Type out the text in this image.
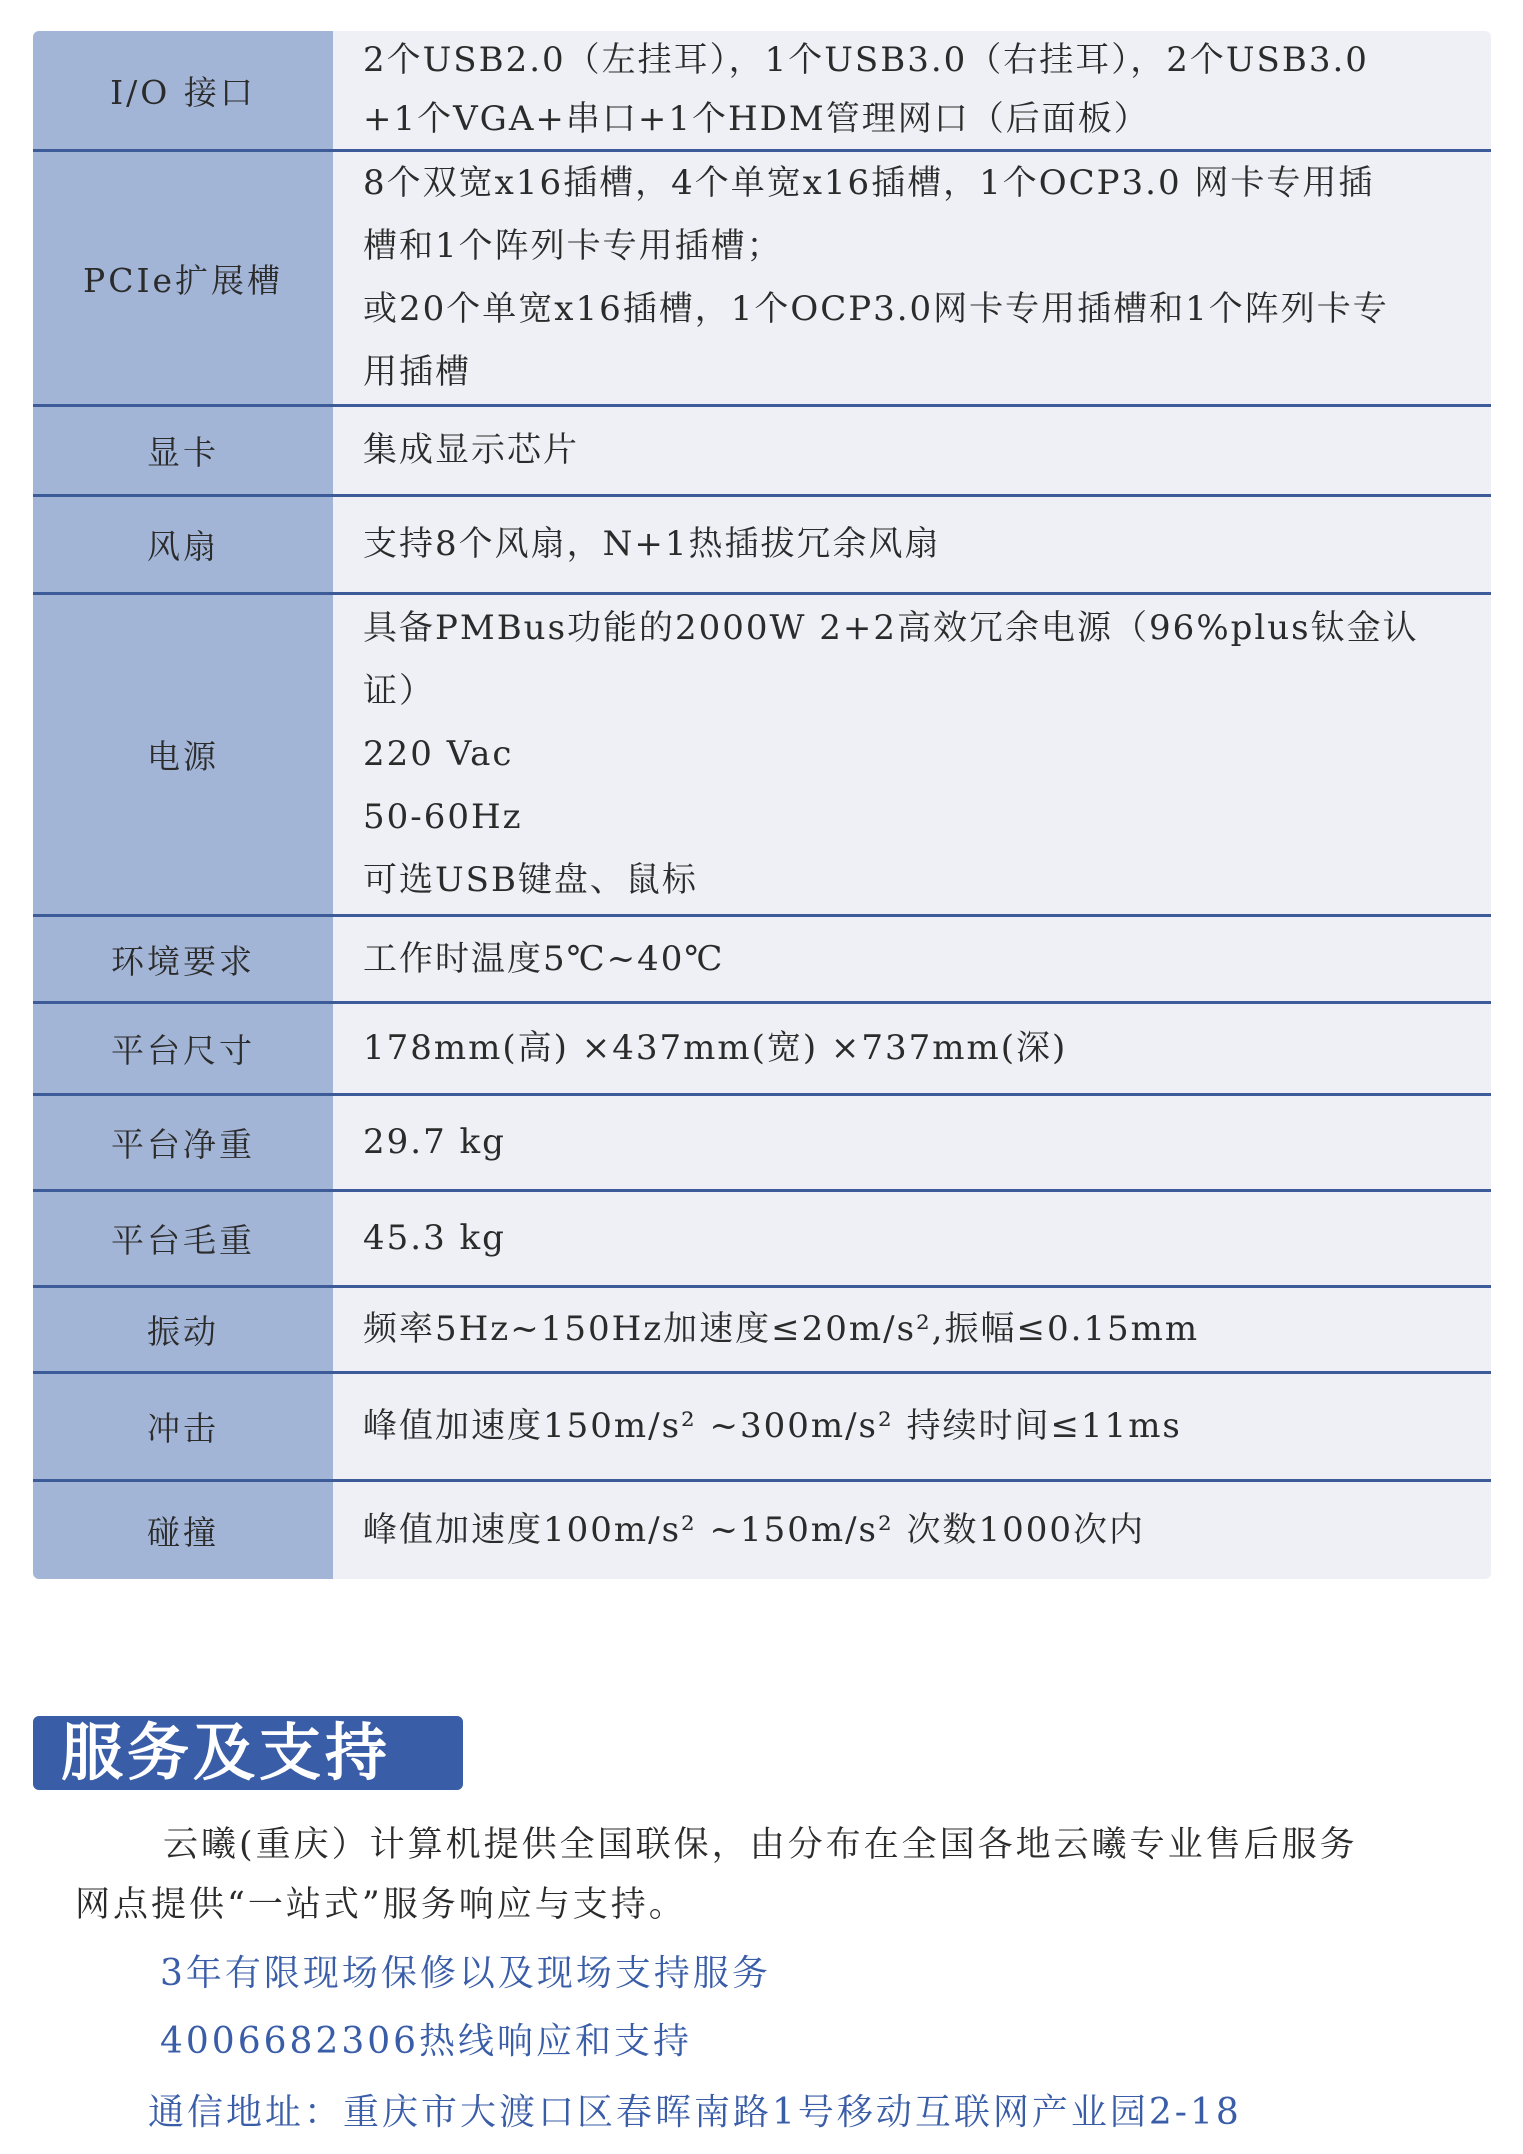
I/O 接口	2个USB2.0（左挂耳），1个USB3.0（右挂耳），2个USB3.0
+1个VGA+串口+1个HDM管理网口（后面板）

PCIe扩展槽	8个双宽x16插槽，4个单宽x16插槽，1个OCP3.0 网卡专用插
槽和1个阵列卡专用插槽；
或20个单宽x16插槽，1个OCP3.0网卡专用插槽和1个阵列卡专
用插槽

显卡	集成显示芯片

风扇	支持8个风扇，N+1热插拔冗余风扇

电源	具备PMBus功能的2000W 2+2高效冗余电源（96%plus钛金认
证）
220 Vac
50-60Hz
可选USB键盘、鼠标

环境要求	工作时温度5℃~40℃

平台尺寸	178mm(高) ×437mm(宽) ×737mm(深)

平台净重	29.7 kg

平台毛重	45.3 kg

振动	频率5Hz~150Hz加速度≤20m/s²,振幅≤0.15mm

冲击	峰值加速度150m/s² ~300m/s² 持续时间≤11ms

碰撞	峰值加速度100m/s² ~150m/s² 次数1000次内
服务及支持
云曦(重庆）计算机提供全国联保，由分布在全国各地云曦专业售后服务
网点提供“一站式”服务响应与支持。
3年有限现场保修以及现场支持服务
4006682306热线响应和支持
通信地址：重庆市大渡口区春晖南路1号移动互联网产业园2-18
